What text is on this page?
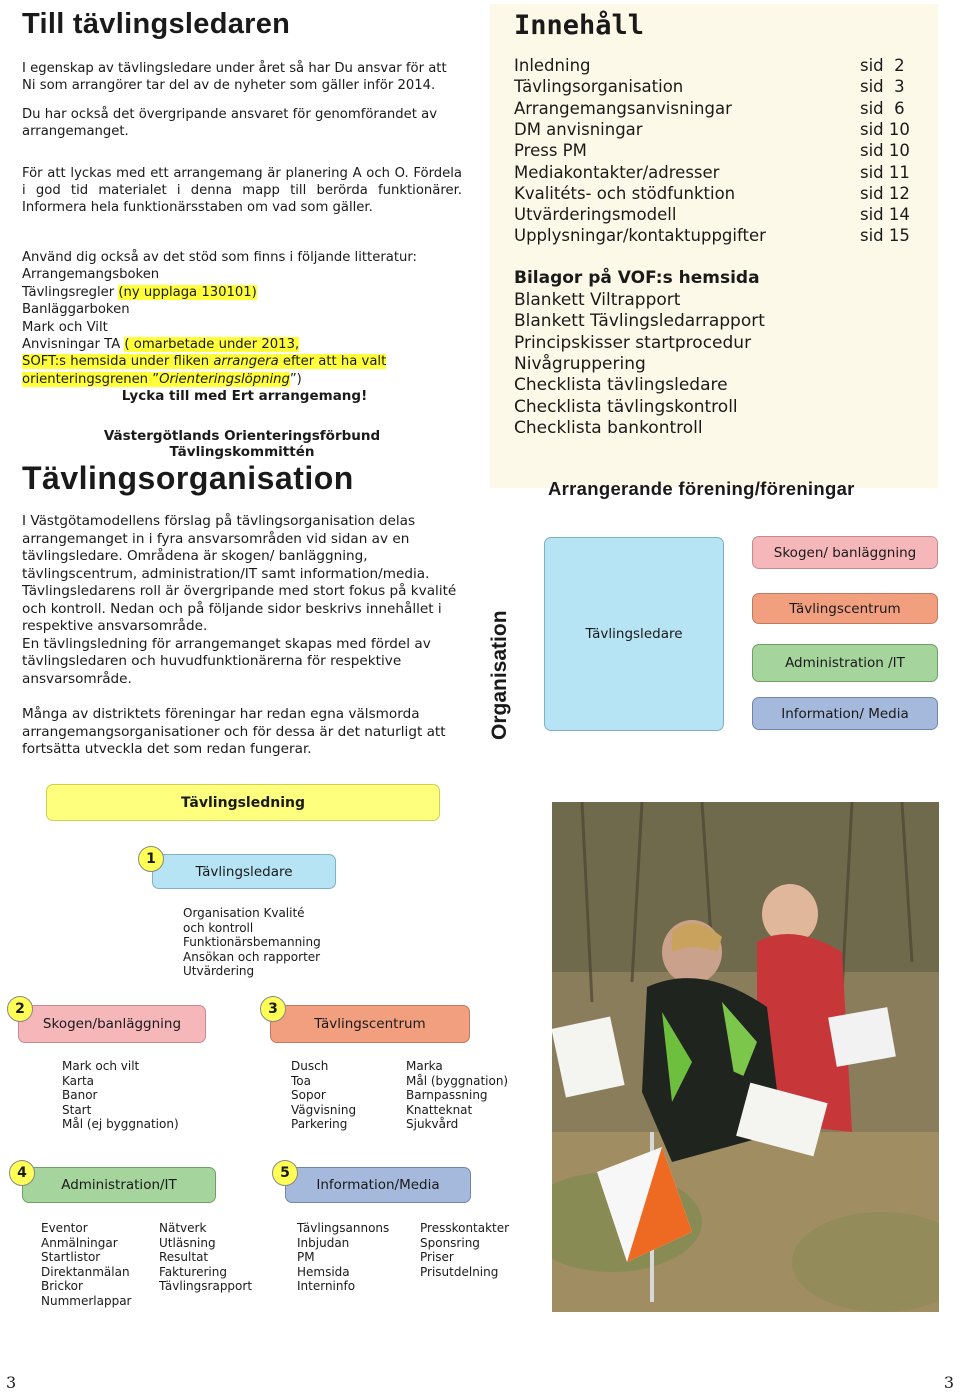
Till tävlingsledaren

I egenskap av tävlingsledare under året så har Du ansvar för att Ni som arrangörer tar del av de nyheter som gäller inför 2014.

Du har också det övergripande ansvaret för genomförandet av arrangemanget.

För att lyckas med ett arrangemang är planering A och O. Fördela i god tid materialet i denna mapp till berörda funktionärer. Informera hela funktionärsstaben om vad som gäller.

Använd dig också av det stöd som finns i följande litteratur:
Arrangemangsboken
Tävlingsregler (ny upplaga 130101)
Banläggarboken
Mark och Vilt
Anvisningar TA ( omarbetade under 2013,
SOFT:s hemsida under fliken arrangera efter att ha valt
orienteringsgrenen ”Orienteringslöpning”)
Lycka till med Ert arrangemang!
Västergötlands Orienteringsförbund
Tävlingskommittén
Tävlingsorganisation
I Västgötamodellens förslag på tävlingsorganisation delas arrangemanget in i fyra ansvarsområden vid sidan av en tävlingsledare. Områdena är skogen/ banläggning, tävlingscentrum, administration/IT samt information/media. Tävlingsledarens roll är övergripande med stort fokus på kvalité och kontroll. Nedan och på följande sidor beskrivs innehållet i respektive ansvarsområde.
En tävlingsledning för arrangemanget skapas med fördel av tävlingsledaren och huvudfunktionärerna för respektive ansvarsområde.
Många av distriktets föreningar har redan egna välsmorda arrangemangsorganisationer och för dessa är det naturligt att fortsätta utveckla det som redan fungerar.
Innehåll
Inledning	sid  2
Tävlingsorganisation	sid  3
Arrangemangsanvisningar	sid  6
DM anvisningar	sid 10
Press PM	sid 10
Mediakontakter/adresser	sid 11
Kvalitéts- och stödfunktion	sid 12
Utvärderingsmodell	sid 14
Upplysningar/kontaktuppgifter	sid 15
Bilagor på VOF:s hemsida
Blankett Viltrapport
Blankett Tävlingsledarrapport
Principskisser startprocedur
Nivågruppering
Checklista tävlingsledare
Checklista tävlingskontroll
Checklista bankontroll
Arrangerande förening/föreningar
Organisation	Tävlingsledare
Skogen/ banläggning
Tävlingscentrum
Administration /IT
Information/ Media
Tävlingsledning
Tävlingsledare
1
Organisation Kvalité
och kontroll
Funktionärsbemanning
Ansökan och rapporter
Utvärdering
Skogen/banläggning
2
Tävlingscentrum
3
Mark och vilt
Karta
Banor
Start
Mål (ej byggnation)
Dusch
Toa
Sopor
Vägvisning
Parkering
Marka
Mål (byggnation)
Barnpassning
Knatteknat
Sjukvård
Administration/IT
4
Information/Media
5
Eventor
Anmälningar
Startlistor
Direktanmälan
Brickor
Nummerlappar
Nätverk
Utläsning
Resultat
Fakturering
Tävlingsrapport
Tävlingsannons
Inbjudan
PM
Hemsida
Interninfo
Presskontakter
Sponsring
Priser
Prisutdelning
3	3
